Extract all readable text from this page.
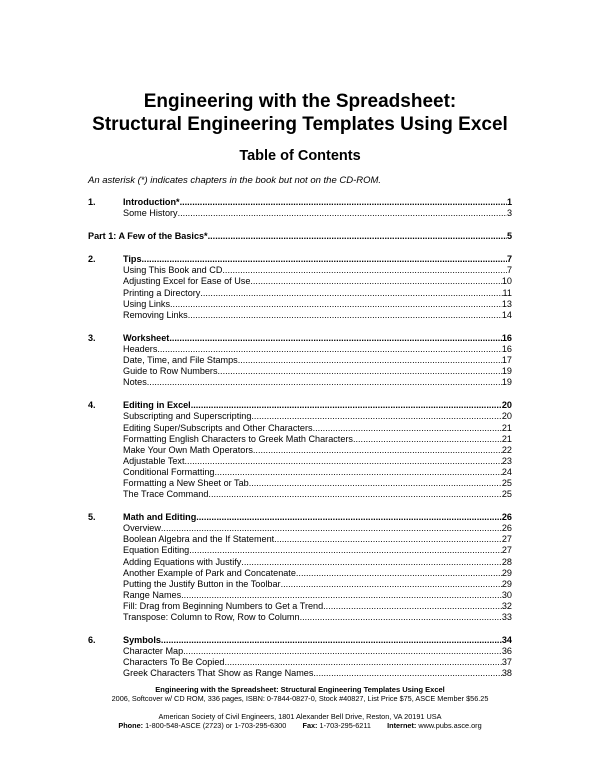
Engineering with the Spreadsheet:
Structural Engineering Templates Using Excel
Table of Contents
An asterisk (*) indicates chapters in the book but not on the CD-ROM.
1.	Introduction* .....	1
Some History .....	3
Part 1: A Few of the Basics* .....	5
2.	Tips .....	7
Using This Book and CD .....	7
Adjusting Excel for Ease of Use .....	10
Printing a Directory .....	11
Using Links .....	13
Removing Links .....	14
3.	Worksheet .....	16
Headers .....	16
Date, Time, and File Stamps .....	17
Guide to Row Numbers .....	19
Notes .....	19
4.	Editing in Excel .....	20
Subscripting and Superscripting .....	20
Editing Super/Subscripts and Other Characters .....	21
Formatting English Characters to Greek Math Characters .....	21
Make Your Own Math Operators .....	22
Adjustable Text .....	23
Conditional Formatting .....	24
Formatting a New Sheet or Tab .....	25
The Trace Command .....	25
5.	Math and Editing .....	26
Overview .....	26
Boolean Algebra and the If Statement .....	27
Equation Editing .....	27
Adding Equations with Justify .....	28
Another Example of Park and Concatenate .....	29
Putting the Justify Button in the Toolbar .....	29
Range Names .....	30
Fill: Drag from Beginning Numbers to Get a Trend .....	32
Transpose: Column to Row, Row to Column .....	33
6.	Symbols .....	34
Character Map .....	36
Characters To Be Copied .....	37
Greek Characters That Show as Range Names .....	38
Engineering with the Spreadsheet: Structural Engineering Templates Using Excel
2006, Softcover w/ CD ROM, 336 pages, ISBN: 0-7844-0827-0, Stock #40827, List Price $75, ASCE Member $56.25
American Society of Civil Engineers, 1801 Alexander Bell Drive, Reston, VA 20191 USA
Phone: 1-800-548-ASCE (2723) or 1-703-295-6300 Fax: 1-703-295-6211 Internet: www.pubs.asce.org
